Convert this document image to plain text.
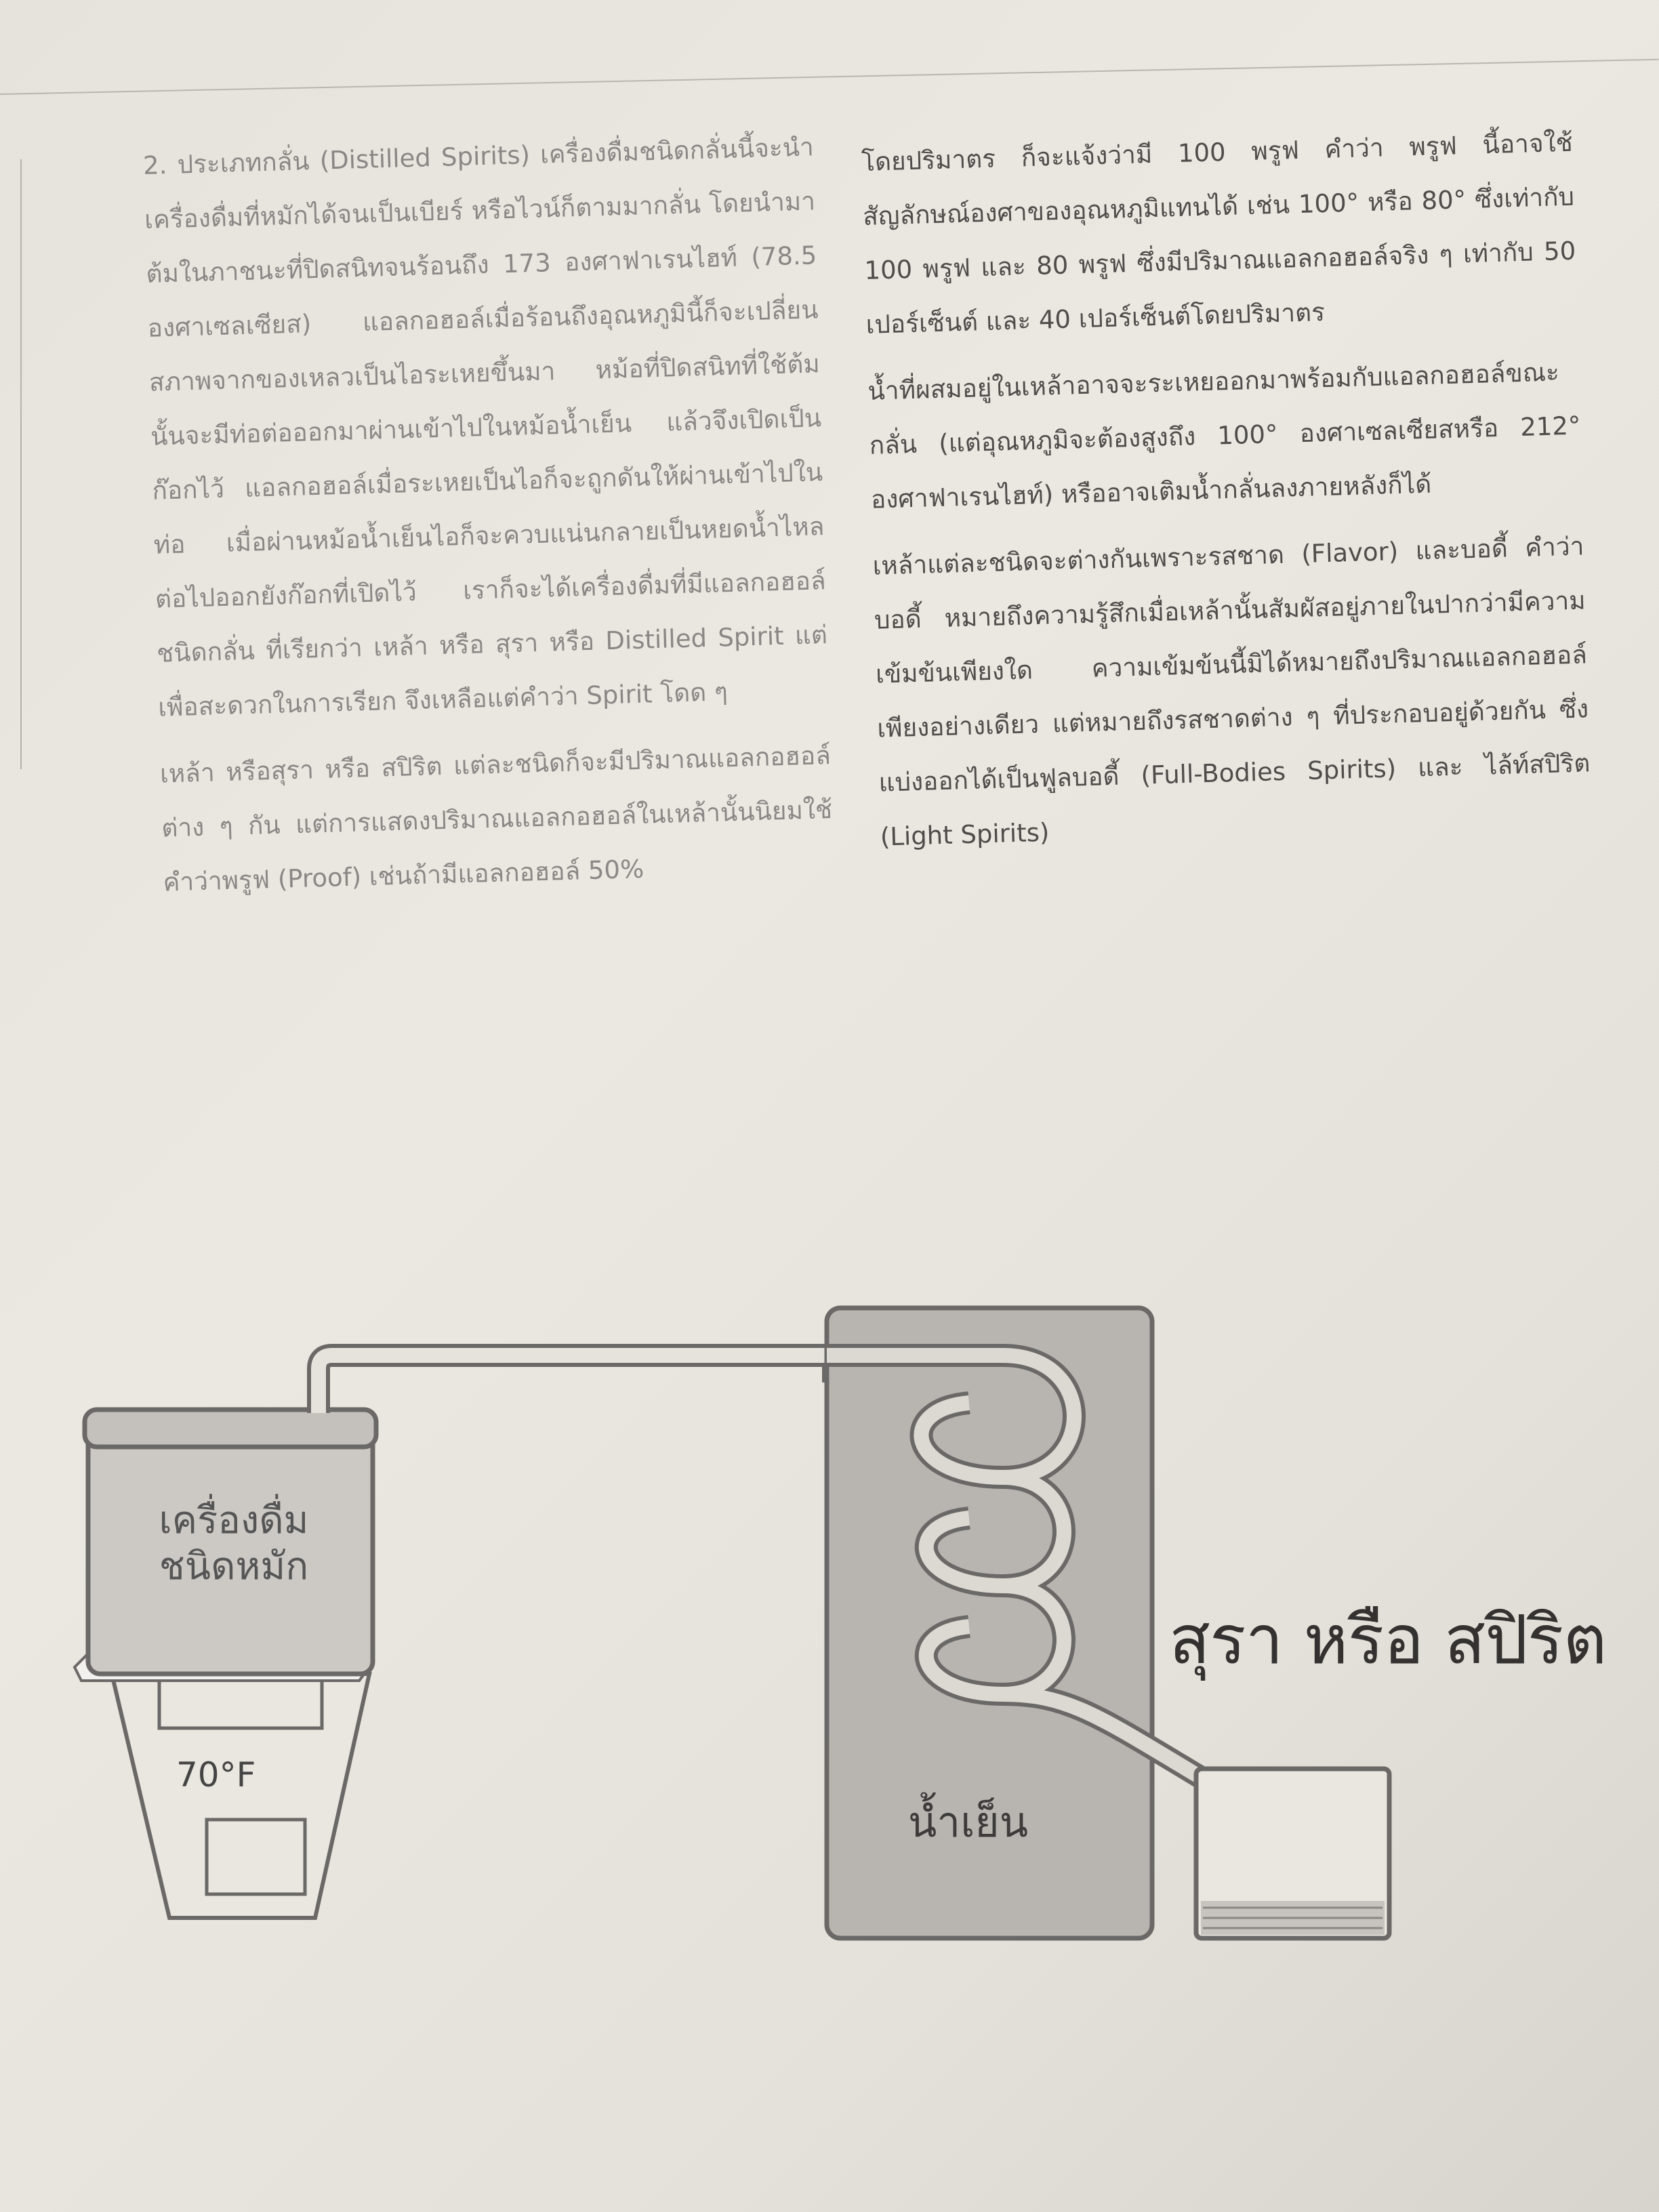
2. ประเภทกลั่น (Distilled Spirits) เครื่องดื่มชนิดกลั่นนี้จะนำเครื่องดื่มที่หมักได้จนเป็นเบียร์ หรือไวน์ก็ตามมากลั่น โดยนำมาต้มในภาชนะที่ปิดสนิทจนร้อนถึง 173 องศาฟาเรนไฮท์ (78.5 องศาเซลเซียส) แอลกอฮอล์เมื่อร้อนถึงอุณหภูมินี้ก็จะเปลี่ยนสภาพจากของเหลวเป็นไอระเหยขึ้นมา หม้อที่ปิดสนิทที่ใช้ต้มนั้นจะมีท่อต่อออกมาผ่านเข้าไปในหม้อน้ำเย็น แล้วจึงเปิดเป็นก๊อกไว้ แอลกอฮอล์เมื่อระเหยเป็นไอก็จะถูกดันให้ผ่านเข้าไปในท่อ เมื่อผ่านหม้อน้ำเย็นไอก็จะควบแน่นกลายเป็นหยดน้ำไหล ต่อไปออกยังก๊อกที่เปิดไว้ เราก็จะได้เครื่องดื่มที่มีแอลกอฮอล์ชนิดกลั่น ที่เรียกว่า เหล้า หรือ สุรา หรือ Distilled Spirit แต่เพื่อสะดวกในการเรียก จึงเหลือแต่คำว่า Spirit โดด ๆ

เหล้า หรือสุรา หรือ สปิริต แต่ละชนิดก็จะมีปริมาณแอลกอฮอล์ต่าง ๆ กัน แต่การแสดงปริมาณแอลกอฮอล์ในเหล้านั้นนิยมใช้คำว่าพรูฟ (Proof) เช่นถ้ามีแอลกอฮอล์ 50%

โดยปริมาตร ก็จะแจ้งว่ามี 100 พรูฟ คำว่า พรูฟ นี้อาจใช้สัญลักษณ์องศาของอุณหภูมิแทนได้ เช่น 100° หรือ 80° ซึ่งเท่ากับ 100 พรูฟ และ 80 พรูฟ ซึ่งมีปริมาณแอลกอฮอล์จริง ๆ เท่ากับ 50 เปอร์เซ็นต์ และ 40 เปอร์เซ็นต์โดยปริมาตร

น้ำที่ผสมอยู่ในเหล้าอาจจะระเหยออกมาพร้อมกับแอลกอฮอล์ขณะกลั่น (แต่อุณหภูมิจะต้องสูงถึง 100° องศาเซลเซียสหรือ 212° องศาฟาเรนไฮท์) หรืออาจเติมน้ำกลั่นลงภายหลังก็ได้

เหล้าแต่ละชนิดจะต่างกันเพราะรสชาด (Flavor) และบอดี้ คำว่าบอดี้ หมายถึงความรู้สึกเมื่อเหล้านั้นสัมผัสอยู่ภายในปากว่ามีความเข้มข้นเพียงใด ความเข้มข้นนี้มิได้หมายถึงปริมาณแอลกอฮอล์เพียงอย่างเดียว แต่หมายถึงรสชาดต่าง ๆ ที่ประกอบอยู่ด้วยกัน ซึ่งแบ่งออกได้เป็นฟูลบอดี้ (Full-Bodies Spirits) และ ไล้ท์สปิริต (Light Spirits)

เครื่องดื่ม
ชนิดหมัก
70°F
น้ำเย็น
สุรา หรือ สปิริต
